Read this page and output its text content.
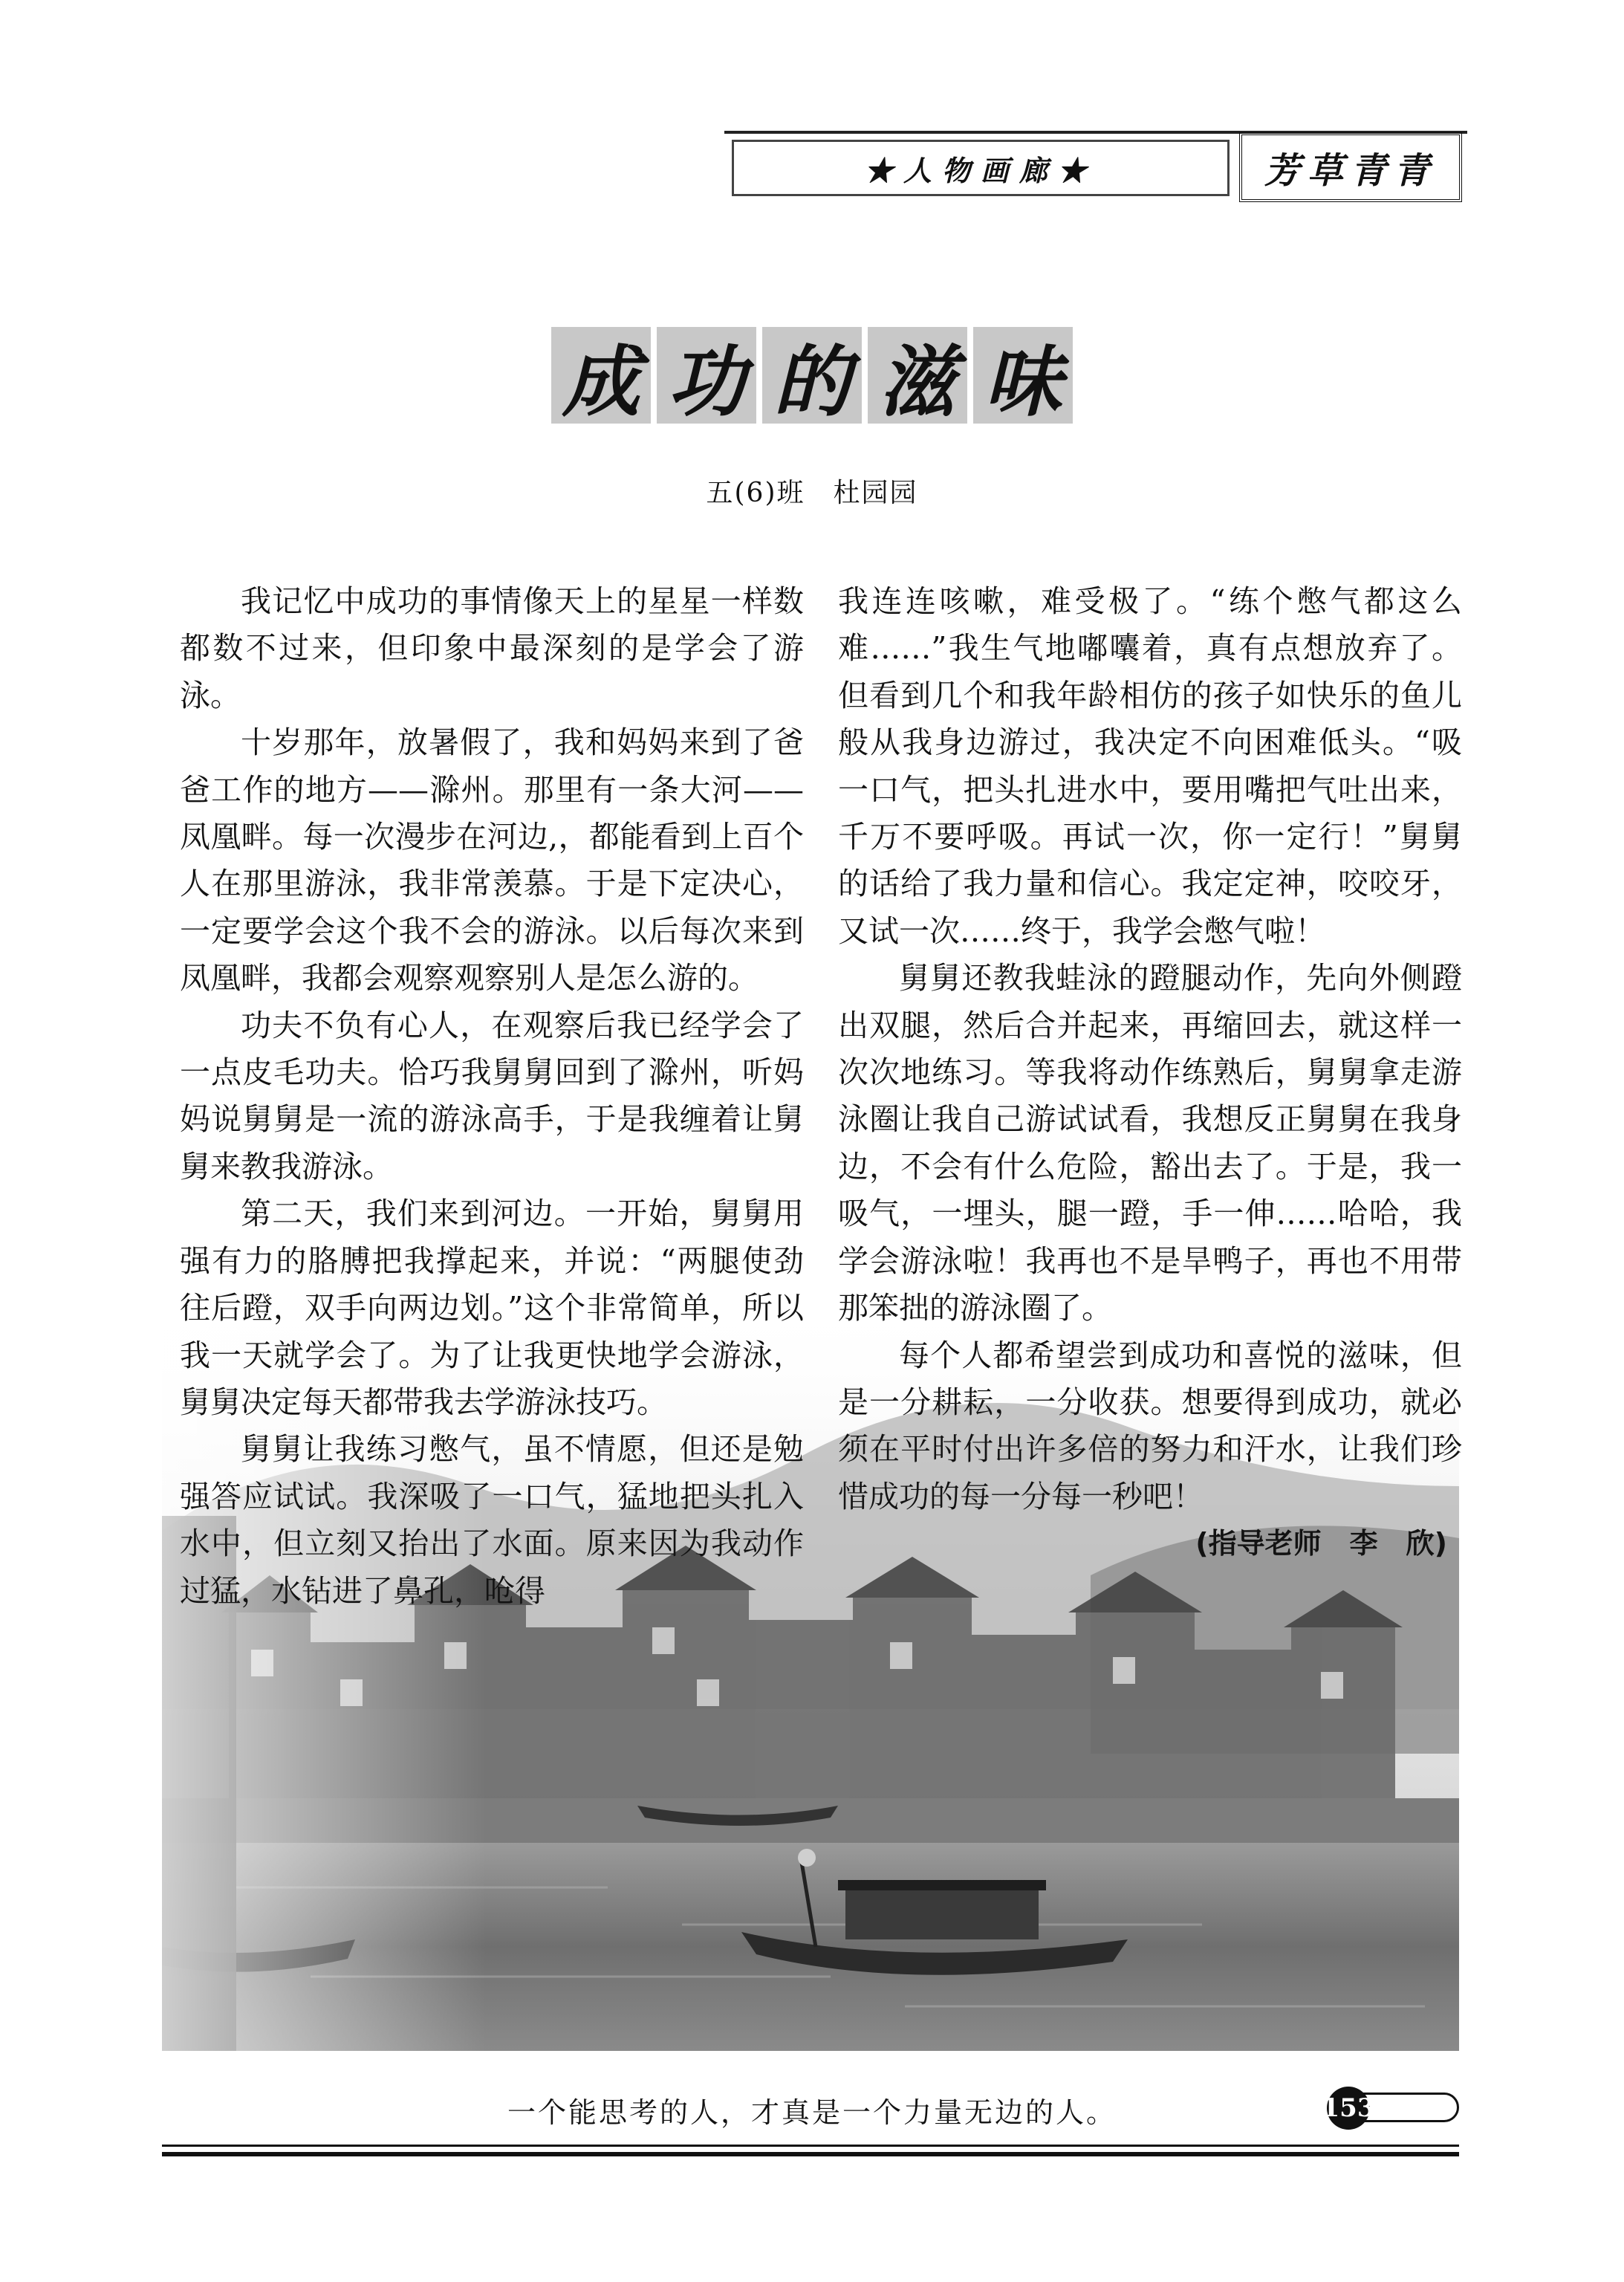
★人物画廊★	芳草青青
成 功 的 滋 味
五(6)班　杜园园

我记忆中成功的事情像天上的星星一样数都数不过来，但印象中最深刻的是学会了游泳。

十岁那年，放暑假了，我和妈妈来到了爸爸工作的地方——滁州。那里有一条大河——凤凰畔。每一次漫步在河边,，都能看到上百个人在那里游泳，我非常羡慕。于是下定决心，一定要学会这个我不会的游泳。以后每次来到凤凰畔，我都会观察观察别人是怎么游的。

功夫不负有心人，在观察后我已经学会了一点皮毛功夫。恰巧我舅舅回到了滁州，听妈妈说舅舅是一流的游泳高手，于是我缠着让舅舅来教我游泳。

第二天，我们来到河边。一开始，舅舅用强有力的胳膊把我撑起来，并说：“两腿使劲往后蹬，双手向两边划。”这个非常简单，所以我一天就学会了。为了让我更快地学会游泳，舅舅决定每天都带我去学游泳技巧。

舅舅让我练习憋气，虽不情愿，但还是勉强答应试试。我深吸了一口气，猛地把头扎入水中，但立刻又抬出了水面。原来因为我动作过猛，水钻进了鼻孔，呛得

我连连咳嗽，难受极了。“练个憋气都这么难……”我生气地嘟囔着，真有点想放弃了。但看到几个和我年龄相仿的孩子如快乐的鱼儿般从我身边游过，我决定不向困难低头。“吸一口气，把头扎进水中，要用嘴把气吐出来，千万不要呼吸。再试一次，你一定行！”舅舅的话给了我力量和信心。我定定神，咬咬牙，又试一次……终于，我学会憋气啦！

舅舅还教我蛙泳的蹬腿动作，先向外侧蹬出双腿，然后合并起来，再缩回去，就这样一次次地练习。等我将动作练熟后，舅舅拿走游泳圈让我自己游试试看，我想反正舅舅在我身边，不会有什么危险，豁出去了。于是，我一吸气，一埋头，腿一蹬，手一伸……哈哈，我学会游泳啦！我再也不是旱鸭子，再也不用带那笨拙的游泳圈了。

每个人都希望尝到成功和喜悦的滋味，但是一分耕耘，一分收获。想要得到成功，就必须在平时付出许多倍的努力和汗水，让我们珍惜成功的每一分每一秒吧！

(指导老师　李　欣)

一个能思考的人，才真是一个力量无边的人。	153
